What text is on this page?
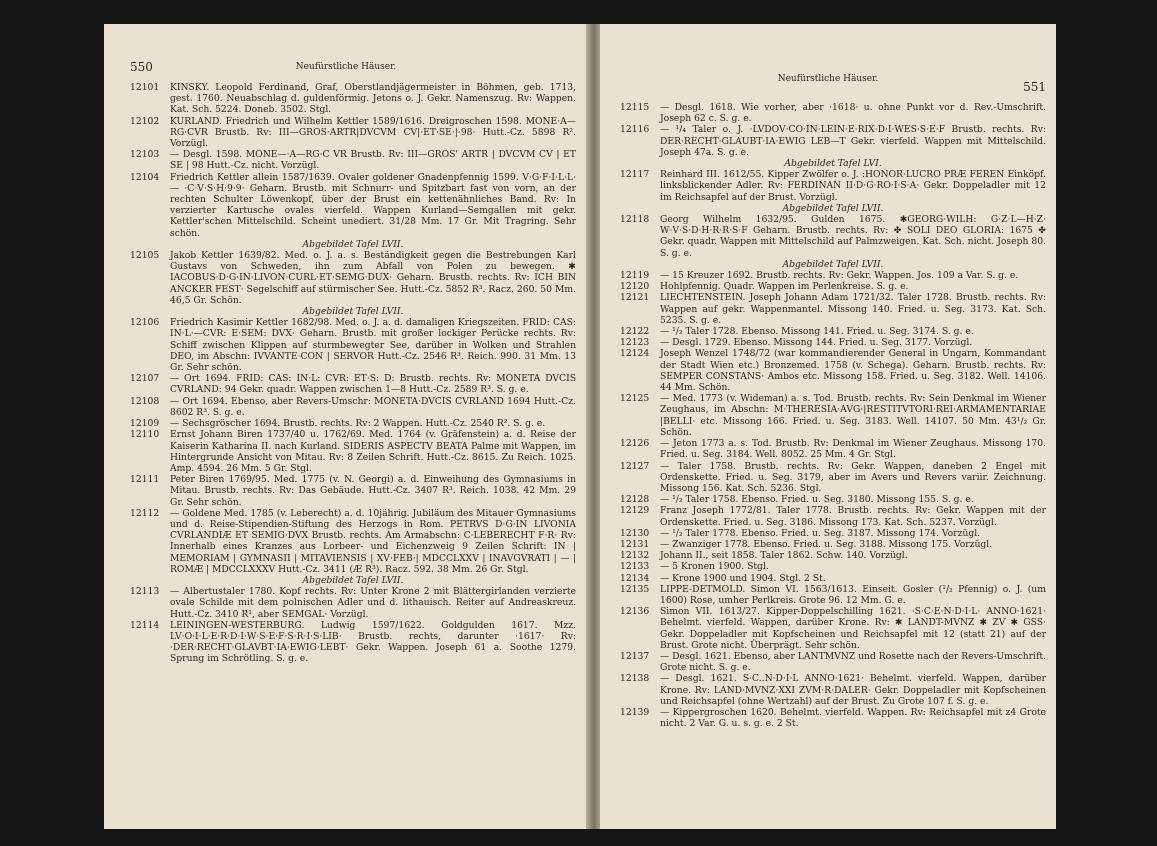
550	Neufürstliche Häuser.
12101	KINSKY. Leopold Ferdinand, Graf, Oberstlandjägermeister in Böhmen, geb. 1713, gest. 1760. Neuabschlag d. guldenförmig. Jetons o. J. Gekr. Namenszug. Rv: Wappen. Kat. Sch. 5224. Doneb. 3502. Stgl.
12102	KURLAND. Friedrich und Wilhelm Kettler 1589/1616. Dreigroschen 1598. MONE·A—RG·CVR Brustb. Rv: III—GROS·ARTR|DVCVM CV|·ET·SE·|·98· Hutt.-Cz. 5898 R². Vorzügl.
12103	— Desgl. 1598. MONE—·A—RG·C VR Brustb. Rv: III—GROS' ARTR | DVCVM CV | ET SE | 98 Hutt.-Cz. nicht. Vorzügl.
12104	Friedrich Kettler allein 1587/1639. Ovaler goldener Gnadenpfennig 1599. V·G·F·I·L·L·— ·C·V·S·H·9·9· Geharn. Brustb. mit Schnurr- und Spitzbart fast von vorn, an der rechten Schulter Löwenkopf, über der Brust ein kettenähnliches Band. Rv: In verzierter Kartusche ovales vierfeld. Wappen Kurland—Semgallen mit gekr. Kettler'schen Mittelschild. Scheint unediert. 31/28 Mm. 17 Gr. Mit Tragring. Sehr schön.
Abgebildet Tafel LVII.
12105	Jakob Kettler 1639/82. Med. o. J. a. s. Beständigkeit gegen die Bestrebungen Karl Gustavs von Schweden, ihn zum Abfall von Polen zu bewegen. ✱ IACOBUS·D·G·IN·LIVON·CURL·ET·SEMG·DUX· Geharn. Brustb. rechts. Rv: ICH BIN ANCKER FEST· Segelschiff auf stürmischer See. Hutt.-Cz. 5852 R³. Racz. 260. 50 Mm. 46,5 Gr. Schön.
Abgebildet Tafel LVII.
12106	Friedrich Kasimir Kettler 1682/98. Med. o. J. a. d. damaligen Kriegszeiten. FRID: CAS: IN·L·—CVR: E·SEM: DVX· Geharn. Brustb. mit großer lockiger Perücke rechts. Rv: Schiff zwischen Klippen auf sturmbewegter See, darüber in Wolken und Strahlen DEO, im Abschn: IVVANTE·CON | SERVOR Hutt.-Cz. 2546 R³. Reich. 990. 31 Mm. 13 Gr. Sehr schön.
12107	— Ort 1694. FRID: CAS: IN·L: CVR: ET·S: D: Brustb. rechts. Rv: MONETA DVCIS CVRLAND: 94 Gekr. quadr. Wappen zwischen 1—8 Hutt.-Cz. 2589 R³. S. g. e.
12108	— Ort 1694. Ebenso, aber Revers-Umschr: MONETA·DVCIS CVRLAND 1694 Hutt.-Cz. 8602 R³. S. g. e.
12109	— Sechsgröscher 1694. Brustb. rechts. Rv: 2 Wappen. Hutt.-Cz. 2540 R². S. g. e.
12110	Ernst Johann Biren 1737/40 u. 1762/69. Med. 1764 (v. Gräfenstein) a. d. Reise der Kaiserin Katharina II. nach Kurland. SIDERIS ASPECTV BEATA Palme mit Wappen, im Hintergrunde Ansicht von Mitau. Rv: 8 Zeilen Schrift. Hutt.-Cz. 8615. Zu Reich. 1025. Amp. 4594. 26 Mm. 5 Gr. Stgl.
12111	Peter Biren 1769/95. Med. 1775 (v. N. Georgi) a. d. Einweihung des Gymnasiums in Mitau. Brustb. rechts. Rv: Das Gebäude. Hutt.-Cz. 3407 R³. Reich. 1038. 42 Mm. 29 Gr. Sehr schön.
12112	— Goldene Med. 1785 (v. Leberecht) a. d. 10jährig. Jubiläum des Mitauer Gymnasiums und d. Reise-Stipendien-Stiftung des Herzogs in Rom. PETRVS D·G·IN LIVONIA CVRLANDIÆ ET SEMIG·DVX Brustb. rechts. Am Armabschn: C·LEBERECHT F·R· Rv: Innerhalb eines Kranzes aus Lorbeer- und Eichenzweig 9 Zeilen Schrift: IN | MEMORIAM | GYMNASII | MITAVIENSIS | XV·FEB·| MDCCLXXV | INAVGVRATI | — | ROMÆ | MDCCLXXXV Hutt.-Cz. 3411 (Æ R³). Racz. 592. 38 Mm. 26 Gr. Stgl.
Abgebildet Tafel LVII.
12113	— Albertustaler 1780. Kopf rechts. Rv: Unter Krone 2 mit Blättergirlanden verzierte ovale Schilde mit dem polnischen Adler und d. lithauisch. Reiter auf Andreaskreuz. Hutt.-Cz. 3410 R¹, aber SEMGAL· Vorzügl.
12114	LEININGEN-WESTERBURG. Ludwig 1597/1622. Goldgulden 1617. Mzz. LV·O·I·L·E·R·D·I·W·S·E·F·S·R·I·S·LIB· Brustb. rechts, darunter ·1617· Rv: ·DER·RECHT·GLAVBT·IA·EWIG·LEBT· Gekr. Wappen. Joseph 61 a. Soothe 1279. Sprung im Schrötling. S. g. e.
Neufürstliche Häuser.
551
12115	— Desgl. 1618. Wie vorher, aber ·1618· u. ohne Punkt vor d. Rev.-Umschrift. Joseph 62 c. S. g. e.
12116	— ¹/₄ Taler o. J. ·LVDOV·CO·IN·LEIN·E·RIX·D·I·WES·S·E·F Brustb. rechts. Rv: DER·RECHT·GLAUBT·IA·EWIG LEB—T Gekr. vierfeld. Wappen mit Mittelschild. Joseph 47a. S. g. e.
Abgebildet Tafel LVI.
12117	Reinhard III. 1612/55. Kipper Zwölfer o. J. :HONOR·LUCRO PRÆ FEREN Einköpf. linksblickender Adler. Rv: FERDINAN II·D·G·RO·I·S·A· Gekr. Doppeladler mit 12 im Reichsapfel auf der Brust. Vorzügl.
Abgebildet Tafel LVII.
12118	Georg Wilhelm 1632/95. Gulden 1675. ✱GEORG·WILH: G·Z·L—H·Z· W·V·S·D·H·R·R·S·F Geharn. Brustb. rechts. Rv: ✤ SOLI DEO GLORIA: 1675 ✤ Gekr. quadr. Wappen mit Mittelschild auf Palmzweigen. Kat. Sch. nicht. Joseph 80. S. g. e.
Abgebildet Tafel LVII.
12119	— 15 Kreuzer 1692. Brustb. rechts. Rv: Gekr. Wappen. Jos. 109 a Var. S. g. e.
12120	Hohlpfennig. Quadr. Wappen im Perlenkreise. S. g. e.
12121	LIECHTENSTEIN. Joseph Johann Adam 1721/32. Taler 1728. Brustb. rechts. Rv: Wappen auf gekr. Wappenmantel. Missong 140. Fried. u. Seg. 3173. Kat. Sch. 5235. S. g. e.
12122	— ¹/₂ Taler 1728. Ebenso. Missong 141. Fried. u. Seg. 3174. S. g. e.
12123	— Desgl. 1729. Ebenso. Missong 144. Fried. u. Seg. 3177. Vorzügl.
12124	Joseph Wenzel 1748/72 (war kommandierender General in Ungarn, Kommandant der Stadt Wien etc.) Bronzemed. 1758 (v. Schega). Geharn. Brustb. rechts. Rv: SEMPER CONSTANS· Ambos etc. Missong 158. Fried. u. Seg. 3182. Well. 14106. 44 Mm. Schön.
12125	— Med. 1773 (v. Wideman) a. s. Tod. Brustb. rechts. Rv: Sein Denkmal im Wiener Zeughaus, im Abschn: M·THERESIA·AVG·|RESTITVTORI·REI·ARMAMENTARIAE |BELLI· etc. Missong 166. Fried. u. Seg. 3183. Well. 14107. 50 Mm. 43¹/₂ Gr. Schön.
12126	— Jeton 1773 a. s. Tod. Brustb. Rv: Denkmal im Wiener Zeughaus. Missong 170. Fried. u. Seg. 3184. Well. 8052. 25 Mm. 4 Gr. Stgl.
12127	— Taler 1758. Brustb. rechts. Rv: Gekr. Wappen, daneben 2 Engel mit Ordenskette. Fried. u. Seg. 3179, aber im Avers und Revers variir. Zeichnung. Missong 156. Kat. Sch. 5236. Stgl.
12128	— ¹/₂ Taler 1758. Ebenso. Fried. u. Seg. 3180. Missong 155. S. g. e.
12129	Franz Joseph 1772/81. Taler 1778. Brustb. rechts. Rv: Gekr. Wappen mit der Ordenskette. Fried. u. Seg. 3186. Missong 173. Kat. Sch. 5237. Vorzügl.
12130	— ¹/₂ Taler 1778. Ebenso. Fried. u. Seg. 3187. Missong 174. Vorzügl.
12131	— Zwanziger 1778. Ebenso. Fried. u. Seg. 3188. Missong 175. Vorzügl.
12132	Johann II., seit 1858. Taler 1862. Schw. 140. Vorzügl.
12133	— 5 Kronen 1900. Stgl.
12134	— Krone 1900 und 1904. Stgl. 2 St.
12135	LIPPE-DETMOLD. Simon VI. 1563/1613. Einseit. Gosler (¹/₂ Pfennig) o. J. (um 1600) Rose, umher Perlkreis. Grote 96. 12 Mm. G. e.
12136	Simon VII. 1613/27. Kipper-Doppelschilling 1621. ·S·C·E·N·D·I·L· ANNO·1621· Behelmt. vierfeld. Wappen, darüber Krone. Rv: ✱ LANDT-MVNZ ✱ ZV ✱ GSS· Gekr. Doppeladler mit Kopfscheinen und Reichsapfel mit 12 (statt 21) auf der Brust. Grote nicht. Überprägt. Sehr schön.
12137	— Desgl. 1621. Ebenso, aber LANTMVNZ und Rosette nach der Revers-Umschrift. Grote nicht. S. g. e.
12138	— Desgl. 1621. S·C..N·D·I·L ANNO·1621· Behelmt. vierfeld. Wappen, darüber Krone. Rv: LAND·MVNZ·XXI ZVM·R·DALER· Gekr. Doppeladler mit Kopfscheinen und Reichsapfel (ohne Wertzahl) auf der Brust. Zu Grote 107 f. S. g. e.
12139	— Kippergroschen 1620. Behelmt. vierfeld. Wappen. Rv: Reichsapfel mit z4 Grote nicht. 2 Var. G. u. s. g. e. 2 St.
